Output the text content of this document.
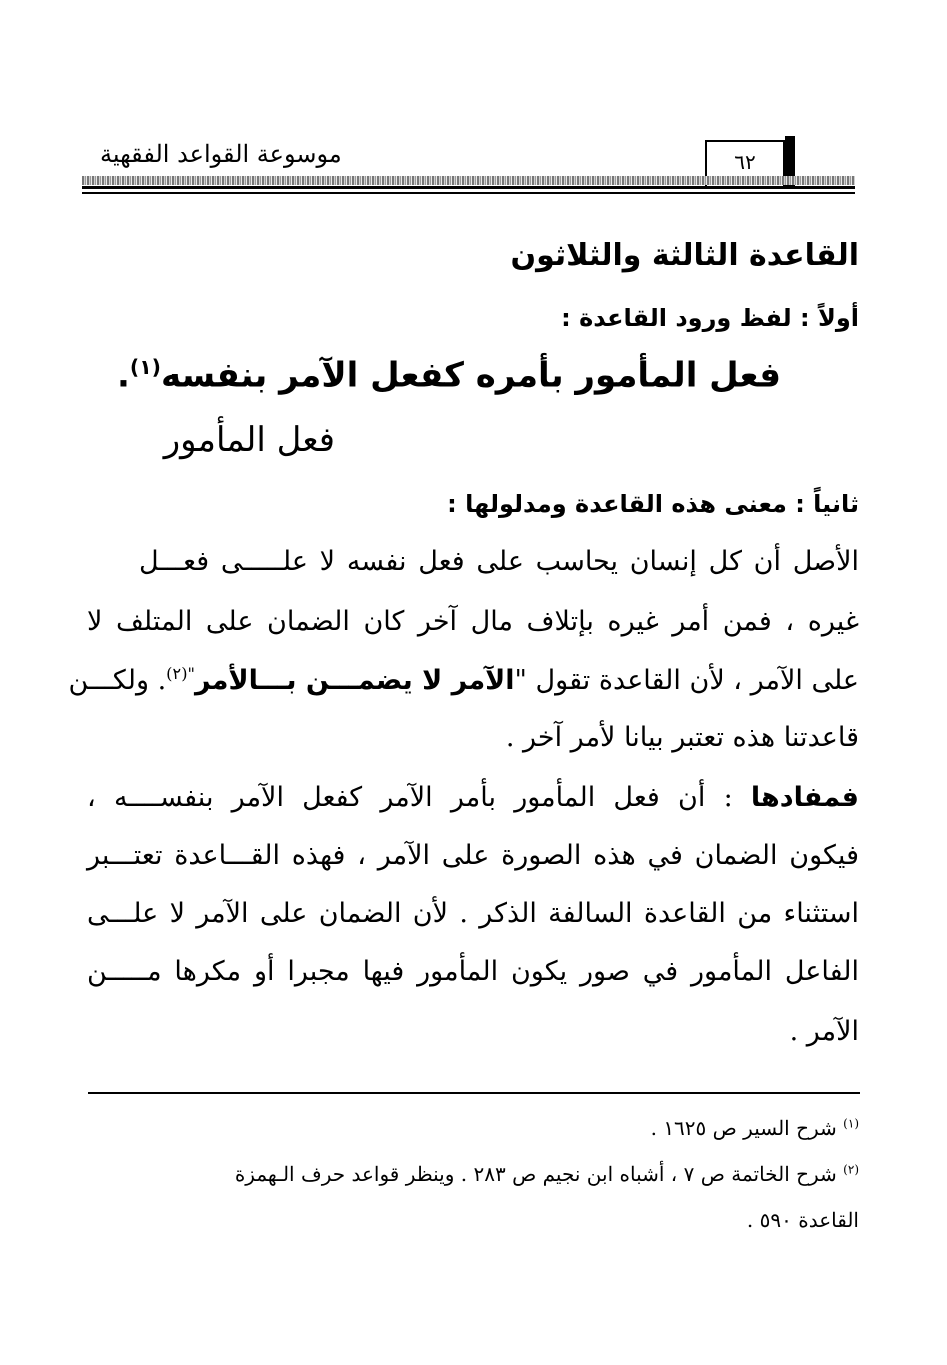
موسوعة القواعد الفقهية	٦٢
القاعدة الثالثة والثلاثون
أولاً : لفظ ورود القاعدة :
فعل المأمور بأمره كفعل الآمر بنفسه$^{(١)}$.
فعل المأمور
ثانياً : معنى هذه القاعدة ومدلولها :
الأصل أن كل إنسان يحاسب على فعل نفسه لا علـــــى فعـــل
غيره ، فمن أمر غيره بإتلاف مال آخر كان الضمان على المتلف لا
على الآمر ، لأن القاعدة تقول "الآمر لا يضمـــن بـــالأمر$^{"(٢)}$. ولكـــن
قاعدتنا هذه تعتبر بيانا لأمر آخر .
فمفادها : أن فعل المأمور بأمر الآمر كفعل الآمر بنفســــه ،
فيكون الضمان في هذه الصورة على الآمر ، فهذه القـــاعدة تعتـــبر
استثناء من القاعدة السالفة الذكر . لأن الضمان على الآمر لا علـــى
الفاعل المأمور في صور يكون المأمور فيها مجبرا أو مكرها مـــــن
الآمر .
$^{(١)}$ شرح السير ص ١٦٢٥ .
$^{(٢)}$ شرح الخاتمة ص ٧ ، أشباه ابن نجيم ص ٢٨٣ . وينظر قواعد حرف الـهمزة
القاعدة ٥٩٠ .
